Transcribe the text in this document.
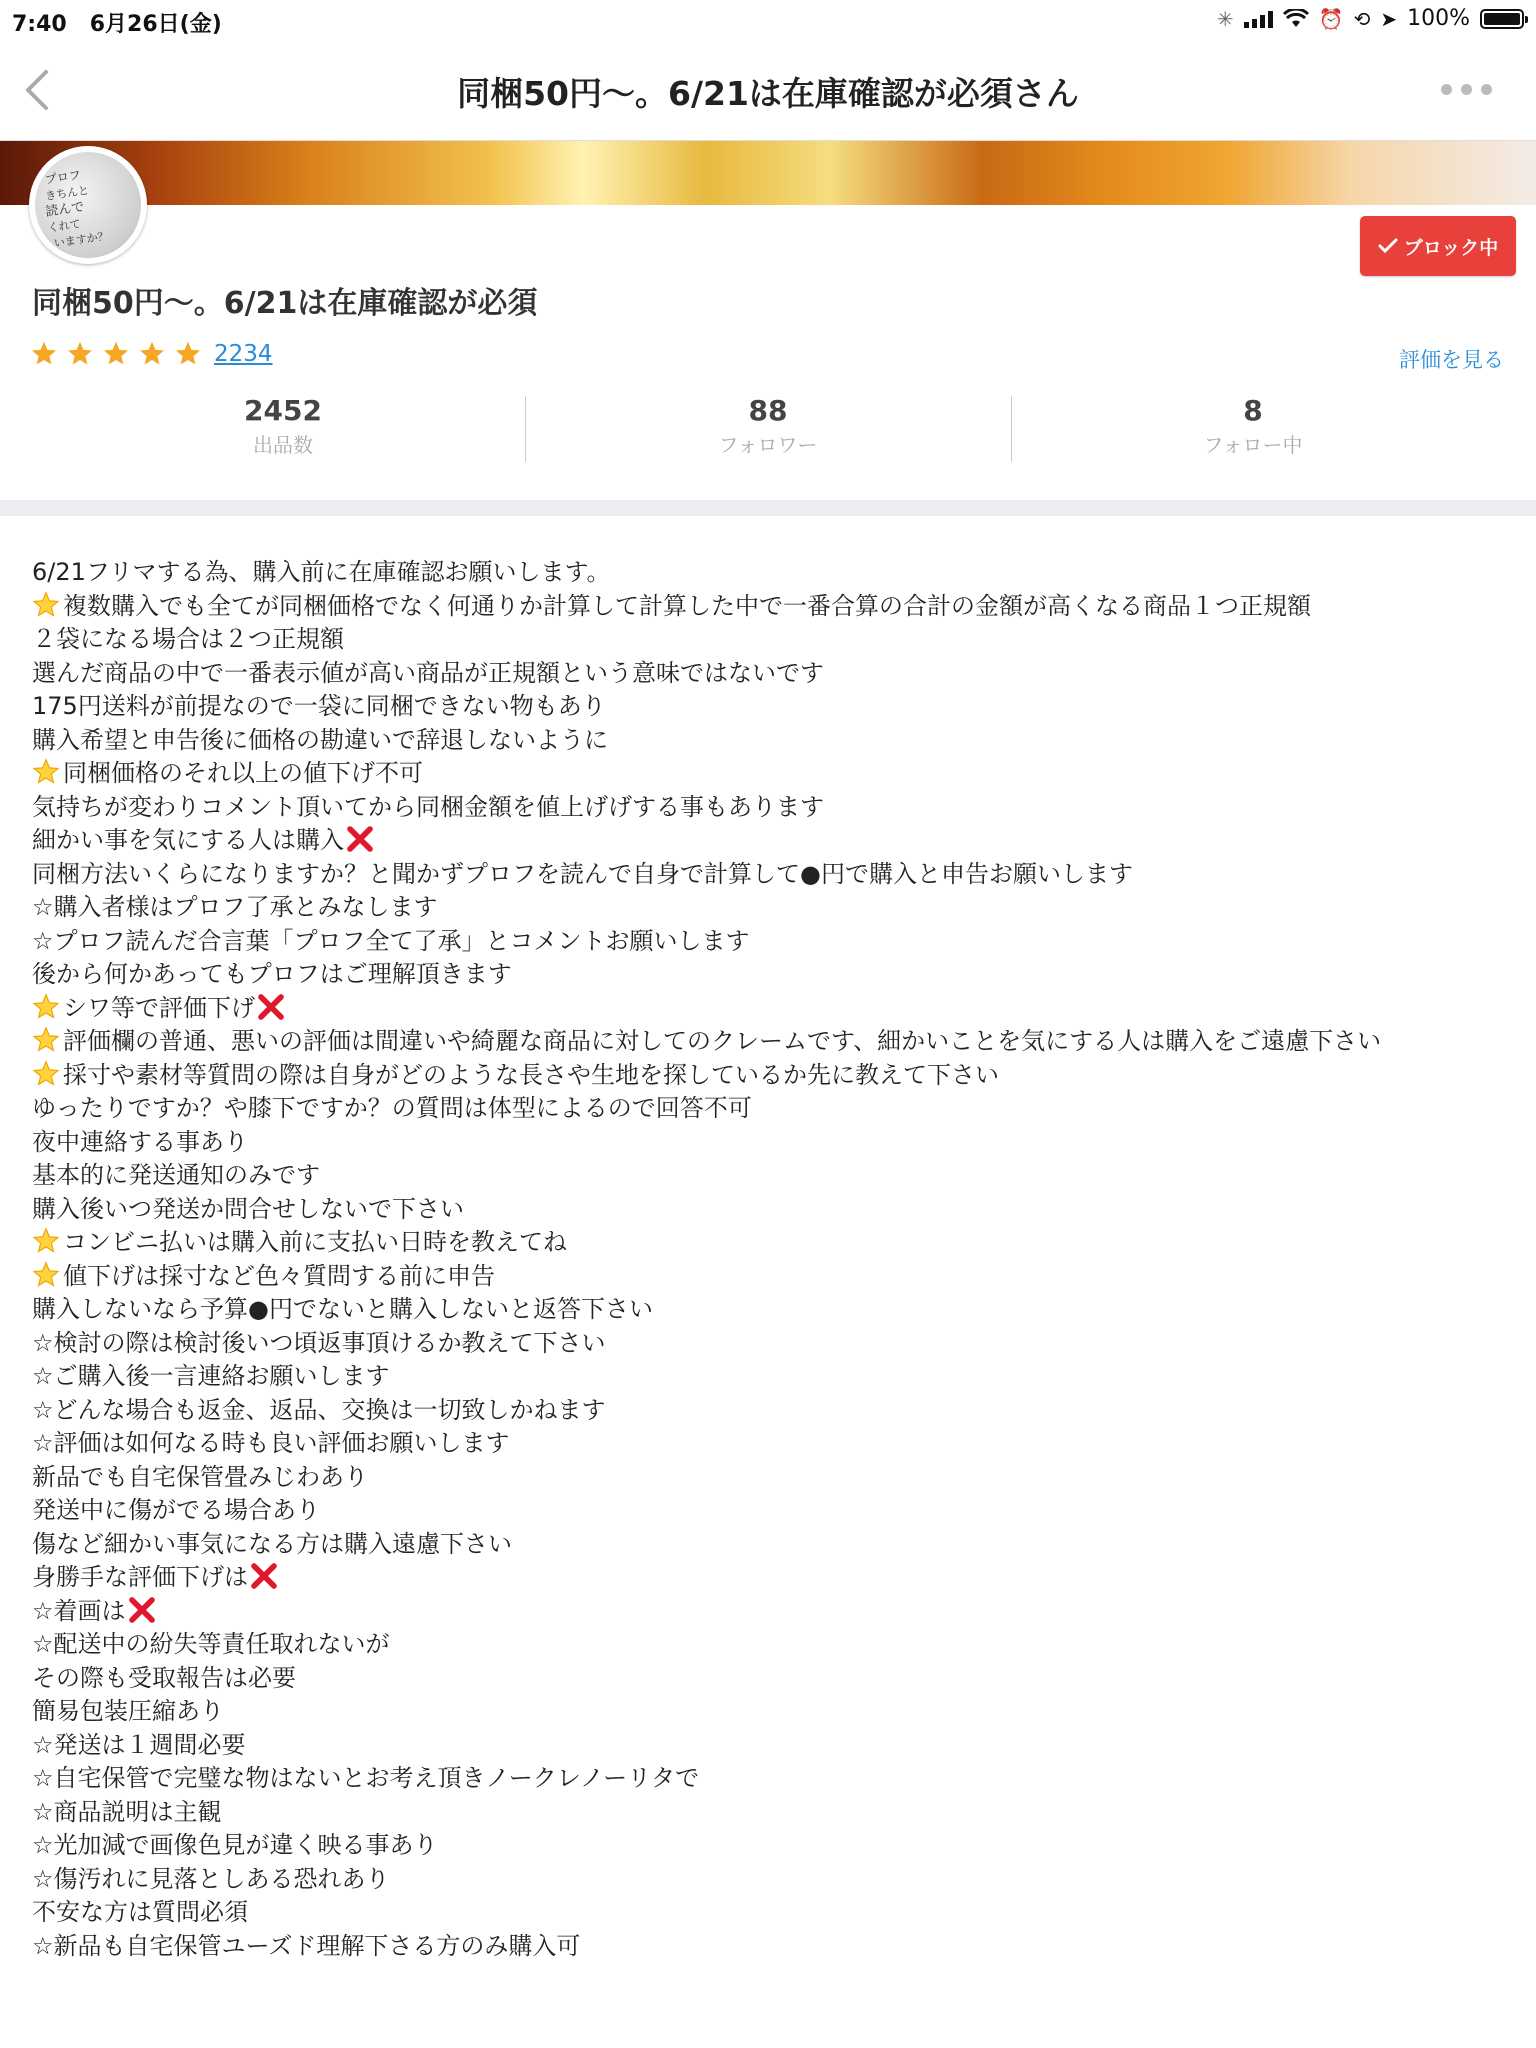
7:40 6月26日(金)	✳	⏰ ⟲ ➤ 100%
同梱50円〜。6/21は在庫確認が必須さん
プロフ
きちんと
読んで
くれて
いますか？	ブロック中
同梱50円〜。6/21は在庫確認が必須
2234	評価を見る
2452
出品数
88
フォロワー
8
フォロー中
6/21フリマする為、購入前に在庫確認お願いします。
複数購入でも全てが同梱価格でなく何通りか計算して計算した中で一番合算の合計の金額が高くなる商品１つ正規額
２袋になる場合は２つ正規額
選んだ商品の中で一番表示値が高い商品が正規額という意味ではないです
175円送料が前提なので一袋に同梱できない物もあり
購入希望と申告後に価格の勘違いで辞退しないように
同梱価格のそれ以上の値下げ不可
気持ちが変わりコメント頂いてから同梱金額を値上げげする事もあります
細かい事を気にする人は購入
同梱方法いくらになりますか？と聞かずプロフを読んで自身で計算して●円で購入と申告お願いします
☆購入者様はプロフ了承とみなします
☆プロフ読んだ合言葉「プロフ全て了承」とコメントお願いします
後から何かあってもプロフはご理解頂きます
シワ等で評価下げ
評価欄の普通、悪いの評価は間違いや綺麗な商品に対してのクレームです、細かいことを気にする人は購入をご遠慮下さい
採寸や素材等質問の際は自身がどのような長さや生地を探しているか先に教えて下さい
ゆったりですか？や膝下ですか？の質問は体型によるので回答不可
夜中連絡する事あり
基本的に発送通知のみです
購入後いつ発送か問合せしないで下さい
コンビニ払いは購入前に支払い日時を教えてね
値下げは採寸など色々質問する前に申告
購入しないなら予算●円でないと購入しないと返答下さい
☆検討の際は検討後いつ頃返事頂けるか教えて下さい
☆ご購入後一言連絡お願いします
☆どんな場合も返金、返品、交換は一切致しかねます
☆評価は如何なる時も良い評価お願いします
新品でも自宅保管畳みじわあり
発送中に傷がでる場合あり
傷など細かい事気になる方は購入遠慮下さい
身勝手な評価下げは
☆着画は
☆配送中の紛失等責任取れないが
その際も受取報告は必要
簡易包装圧縮あり
☆発送は１週間必要
☆自宅保管で完璧な物はないとお考え頂きノークレノーリタで
☆商品説明は主観
☆光加減で画像色見が違く映る事あり
☆傷汚れに見落としある恐れあり
不安な方は質問必須
☆新品も自宅保管ユーズド理解下さる方のみ購入可
